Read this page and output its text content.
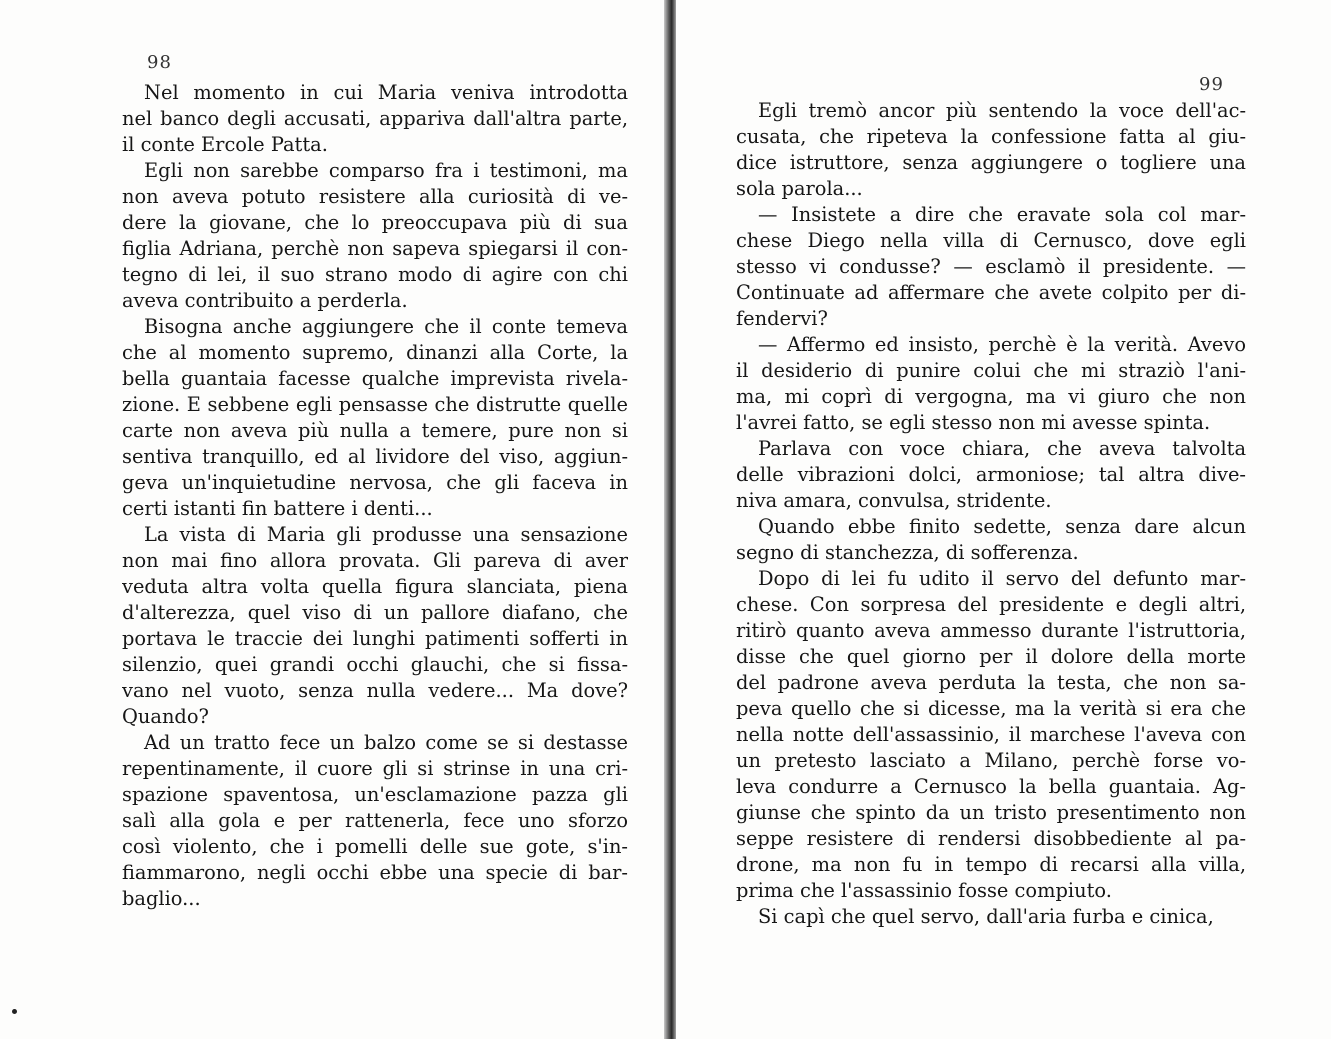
98
Nel momento in cui Maria veniva introdotta
nel banco degli accusati, appariva dall'altra parte,
il conte Ercole Patta.
Egli non sarebbe comparso fra i testimoni, ma
non aveva potuto resistere alla curiosità di ve-
dere la giovane, che lo preoccupava più di sua
figlia Adriana, perchè non sapeva spiegarsi il con-
tegno di lei, il suo strano modo di agire con chi
aveva contribuito a perderla.
Bisogna anche aggiungere che il conte temeva
che al momento supremo, dinanzi alla Corte, la
bella guantaia facesse qualche imprevista rivela-
zione. E sebbene egli pensasse che distrutte quelle
carte non aveva più nulla a temere, pure non si
sentiva tranquillo, ed al lividore del viso, aggiun-
geva un'inquietudine nervosa, che gli faceva in
certi istanti fin battere i denti...
La vista di Maria gli produsse una sensazione
non mai fino allora provata. Gli pareva di aver
veduta altra volta quella figura slanciata, piena
d'alterezza, quel viso di un pallore diafano, che
portava le traccie dei lunghi patimenti sofferti in
silenzio, quei grandi occhi glauchi, che si fissa-
vano nel vuoto, senza nulla vedere... Ma dove?
Quando?
Ad un tratto fece un balzo come se si destasse
repentinamente, il cuore gli si strinse in una cri-
spazione spaventosa, un'esclamazione pazza gli
salì alla gola e per rattenerla, fece uno sforzo
così violento, che i pomelli delle sue gote, s'in-
fiammarono, negli occhi ebbe una specie di bar-
baglio...
99
Egli tremò ancor più sentendo la voce dell'ac-
cusata, che ripeteva la confessione fatta al giu-
dice istruttore, senza aggiungere o togliere una
sola parola...
— Insistete a dire che eravate sola col mar-
chese Diego nella villa di Cernusco, dove egli
stesso vi condusse? — esclamò il presidente. —
Continuate ad affermare che avete colpito per di-
fendervi?
— Affermo ed insisto, perchè è la verità. Avevo
il desiderio di punire colui che mi straziò l'ani-
ma, mi coprì di vergogna, ma vi giuro che non
l'avrei fatto, se egli stesso non mi avesse spinta.
Parlava con voce chiara, che aveva talvolta
delle vibrazioni dolci, armoniose; tal altra dive-
niva amara, convulsa, stridente.
Quando ebbe finito sedette, senza dare alcun
segno di stanchezza, di sofferenza.
Dopo di lei fu udito il servo del defunto mar-
chese. Con sorpresa del presidente e degli altri,
ritirò quanto aveva ammesso durante l'istruttoria,
disse che quel giorno per il dolore della morte
del padrone aveva perduta la testa, che non sa-
peva quello che si dicesse, ma la verità si era che
nella notte dell'assassinio, il marchese l'aveva con
un pretesto lasciato a Milano, perchè forse vo-
leva condurre a Cernusco la bella guantaia. Ag-
giunse che spinto da un tristo presentimento non
seppe resistere di rendersi disobbediente al pa-
drone, ma non fu in tempo di recarsi alla villa,
prima che l'assassinio fosse compiuto.
Si capì che quel servo, dall'aria furba e cinica,
